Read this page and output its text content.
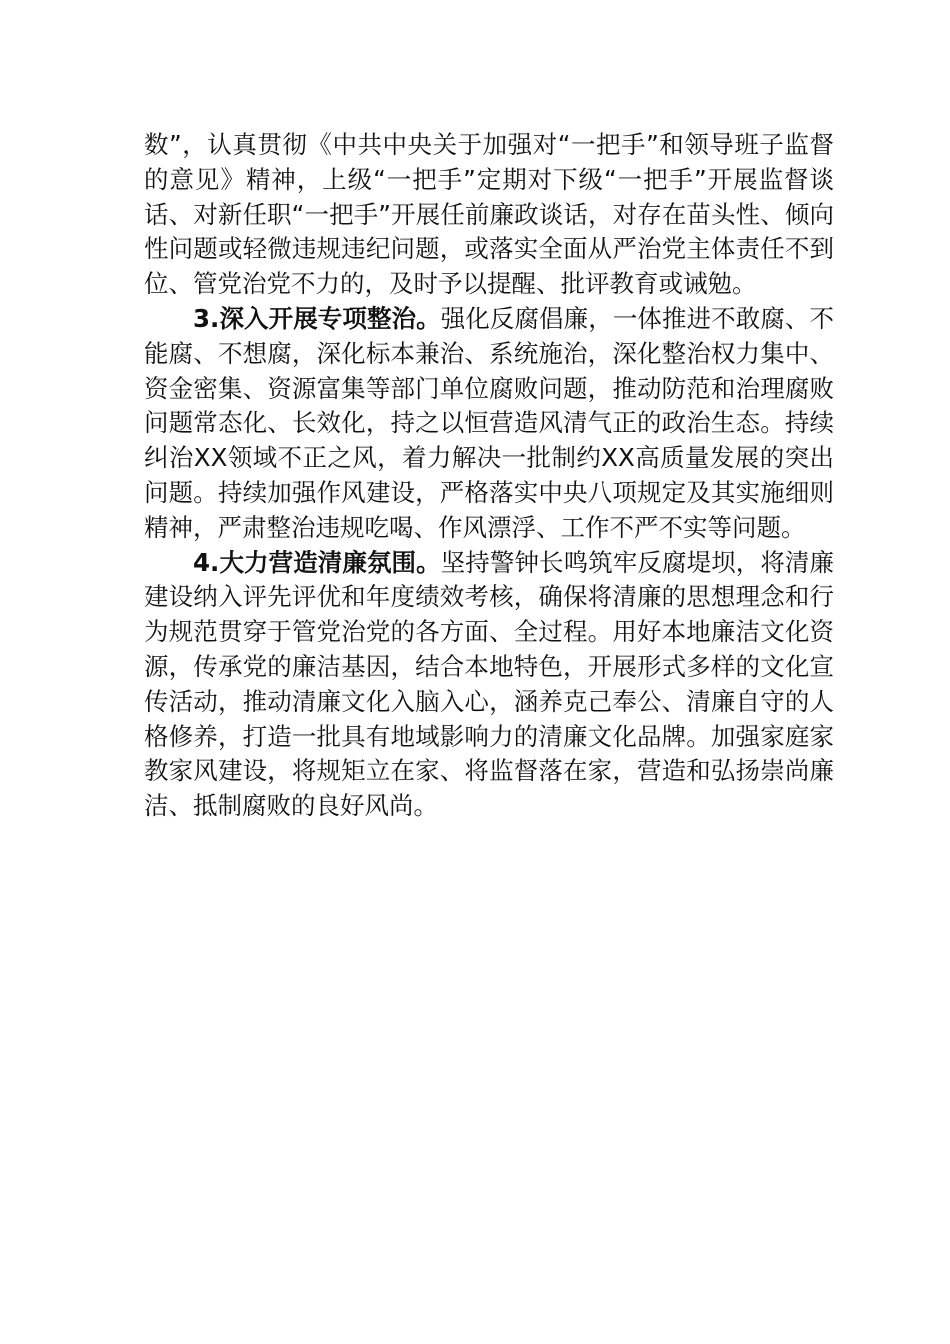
数”，认真贯彻《中共中央关于加强对“一把手”和领导班子监督的意见》精神，上级“一把手”定期对下级“一把手”开展监督谈话、对新任职“一把手”开展任前廉政谈话，对存在苗头性、倾向性问题或轻微违规违纪问题，或落实全面从严治党主体责任不到位、管党治党不力的，及时予以提醒、批评教育或诫勉。

3.深入开展专项整治。强化反腐倡廉，一体推进不敢腐、不能腐、不想腐，深化标本兼治、系统施治，深化整治权力集中、资金密集、资源富集等部门单位腐败问题，推动防范和治理腐败问题常态化、长效化，持之以恒营造风清气正的政治生态。持续纠治XX领域不正之风，着力解决一批制约XX高质量发展的突出问题。持续加强作风建设，严格落实中央八项规定及其实施细则精神，严肃整治违规吃喝、作风漂浮、工作不严不实等问题。

4.大力营造清廉氛围。坚持警钟长鸣筑牢反腐堤坝，将清廉建设纳入评先评优和年度绩效考核，确保将清廉的思想理念和行为规范贯穿于管党治党的各方面、全过程。用好本地廉洁文化资源，传承党的廉洁基因，结合本地特色，开展形式多样的文化宣传活动，推动清廉文化入脑入心，涵养克己奉公、清廉自守的人格修养，打造一批具有地域影响力的清廉文化品牌。加强家庭家教家风建设，将规矩立在家、将监督落在家，营造和弘扬崇尚廉洁、抵制腐败的良好风尚。
